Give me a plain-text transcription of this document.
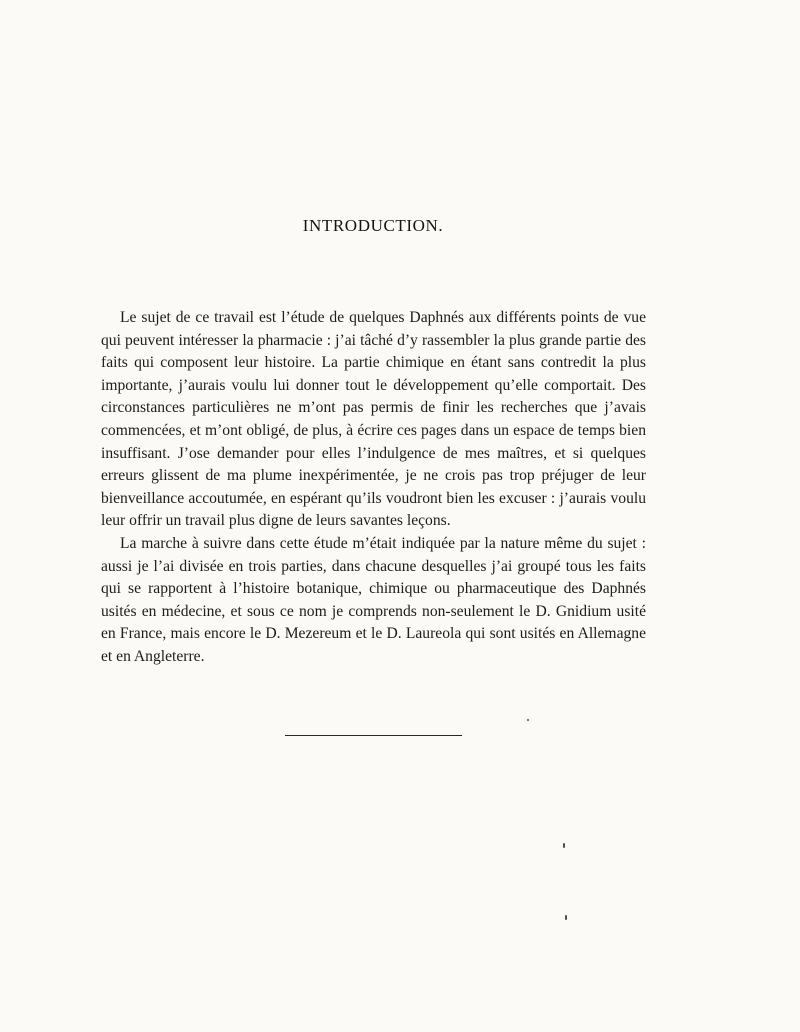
INTRODUCTION.

Le sujet de ce travail est l’étude de quelques Daphnés aux différents points de vue qui peuvent intéresser la pharmacie : j’ai tâché d’y rassembler la plus grande partie des faits qui composent leur histoire. La partie chimique en étant sans contredit la plus importante, j’aurais voulu lui donner tout le développement qu’elle comportait. Des circonstances particulières ne m’ont pas permis de finir les recherches que j’avais commencées, et m’ont obligé, de plus, à écrire ces pages dans un espace de temps bien insuffisant. J’ose demander pour elles l’indulgence de mes maîtres, et si quelques erreurs glissent de ma plume inexpérimentée, je ne crois pas trop préjuger de leur bienveillance accoutumée, en espérant qu’ils voudront bien les excuser : j’aurais voulu leur offrir un travail plus digne de leurs savantes leçons.

La marche à suivre dans cette étude m’était indiquée par la nature même du sujet : aussi je l’ai divisée en trois parties, dans chacune desquelles j’ai groupé tous les faits qui se rapportent à l’histoire botanique, chimique ou pharmaceutique des Daphnés usités en médecine, et sous ce nom je comprends non-seulement le D. Gnidium usité en France, mais encore le D. Mezereum et le D. Laureola qui sont usités en Allemagne et en Angleterre.
